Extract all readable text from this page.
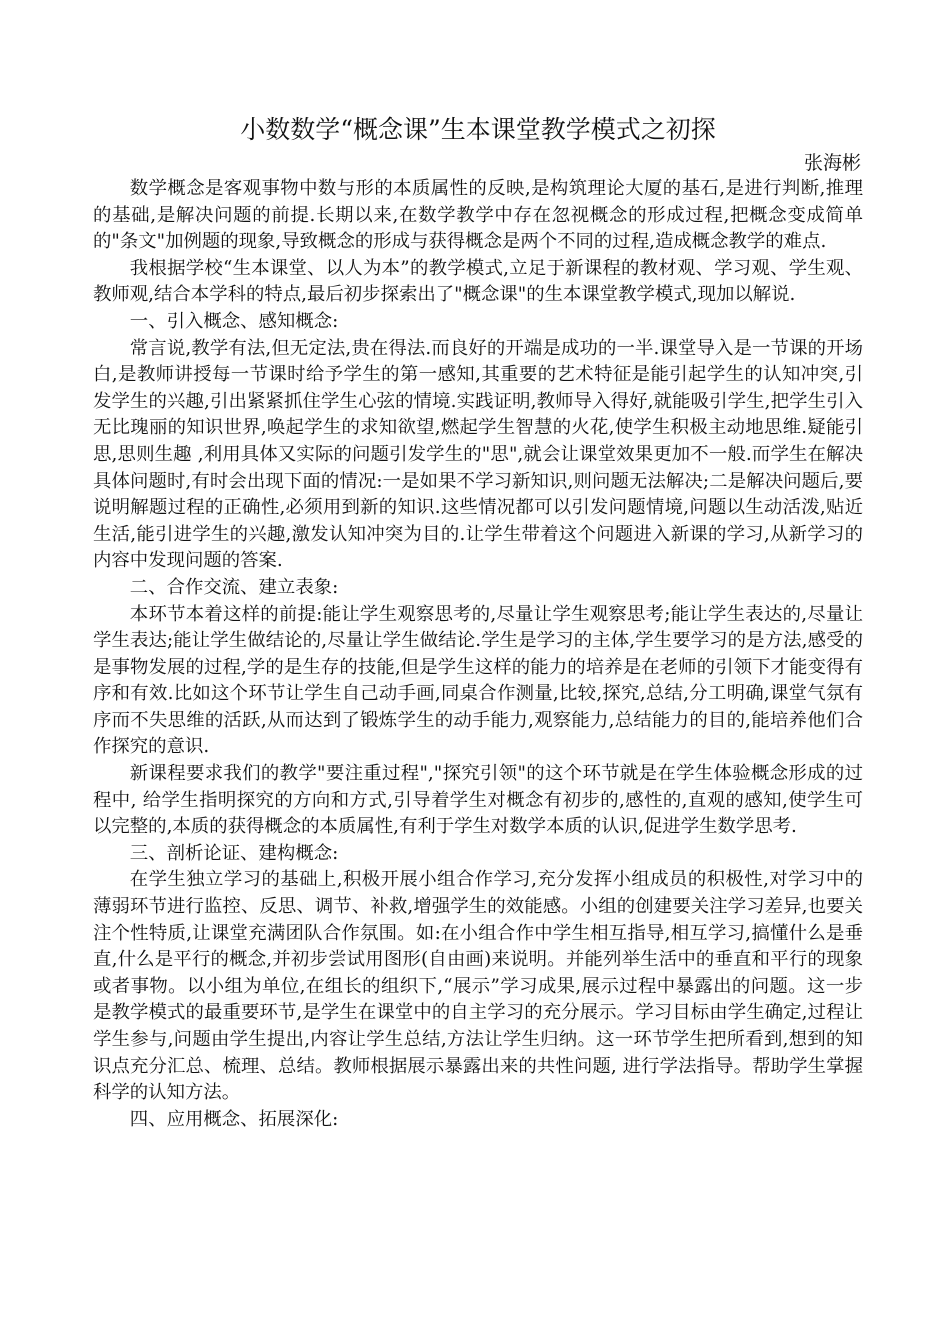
小数数学“概念课”生本课堂教学模式之初探

张海彬

数学概念是客观事物中数与形的本质属性的反映,是构筑理论大厦的基石,是进行判断,推理的基础,是解决问题的前提.长期以来,在数学教学中存在忽视概念的形成过程,把概念变成简单的"条文"加例题的现象,导致概念的形成与获得概念是两个不同的过程,造成概念教学的难点.

我根据学校“生本课堂、以人为本”的教学模式,立足于新课程的教材观、学习观、学生观、教师观,结合本学科的特点,最后初步探索出了"概念课"的生本课堂教学模式,现加以解说.

一、引入概念、感知概念:

常言说,教学有法,但无定法,贵在得法.而良好的开端是成功的一半.课堂导入是一节课的开场白,是教师讲授每一节课时给予学生的第一感知,其重要的艺术特征是能引起学生的认知冲突,引发学生的兴趣,引出紧紧抓住学生心弦的情境.实践证明,教师导入得好,就能吸引学生,把学生引入无比瑰丽的知识世界,唤起学生的求知欲望,燃起学生智慧的火花,使学生积极主动地思维.疑能引思,思则生趣 ,利用具体又实际的问题引发学生的"思",就会让课堂效果更加不一般.而学生在解决具体问题时,有时会出现下面的情况:一是如果不学习新知识,则问题无法解决;二是解决问题后,要说明解题过程的正确性,必须用到新的知识.这些情况都可以引发问题情境,问题以生动活泼,贴近生活,能引进学生的兴趣,激发认知冲突为目的.让学生带着这个问题进入新课的学习,从新学习的内容中发现问题的答案.

二、合作交流、建立表象:

本环节本着这样的前提:能让学生观察思考的,尽量让学生观察思考;能让学生表达的,尽量让学生表达;能让学生做结论的,尽量让学生做结论.学生是学习的主体,学生要学习的是方法,感受的是事物发展的过程,学的是生存的技能,但是学生这样的能力的培养是在老师的引领下才能变得有序和有效.比如这个环节让学生自己动手画,同桌合作测量,比较,探究,总结,分工明确,课堂气氛有序而不失思维的活跃,从而达到了锻炼学生的动手能力,观察能力,总结能力的目的,能培养他们合作探究的意识.

新课程要求我们的教学"要注重过程","探究引领"的这个环节就是在学生体验概念形成的过程中, 给学生指明探究的方向和方式,引导着学生对概念有初步的,感性的,直观的感知,使学生可以完整的,本质的获得概念的本质属性,有利于学生对数学本质的认识,促进学生数学思考.

三、剖析论证、建构概念:

在学生独立学习的基础上,积极开展小组合作学习,充分发挥小组成员的积极性,对学习中的薄弱环节进行监控、反思、调节、补救,增强学生的效能感。小组的创建要关注学习差异,也要关注个性特质,让课堂充满团队合作氛围。如:在小组合作中学生相互指导,相互学习,搞懂什么是垂直,什么是平行的概念,并初步尝试用图形(自由画)来说明。并能列举生活中的垂直和平行的现象或者事物。以小组为单位,在组长的组织下,“展示”学习成果,展示过程中暴露出的问题。这一步是教学模式的最重要环节,是学生在课堂中的自主学习的充分展示。学习目标由学生确定,过程让学生参与,问题由学生提出,内容让学生总结,方法让学生归纳。这一环节学生把所看到,想到的知识点充分汇总、梳理、总结。教师根据展示暴露出来的共性问题, 进行学法指导。帮助学生掌握科学的认知方法。

四、应用概念、拓展深化:
